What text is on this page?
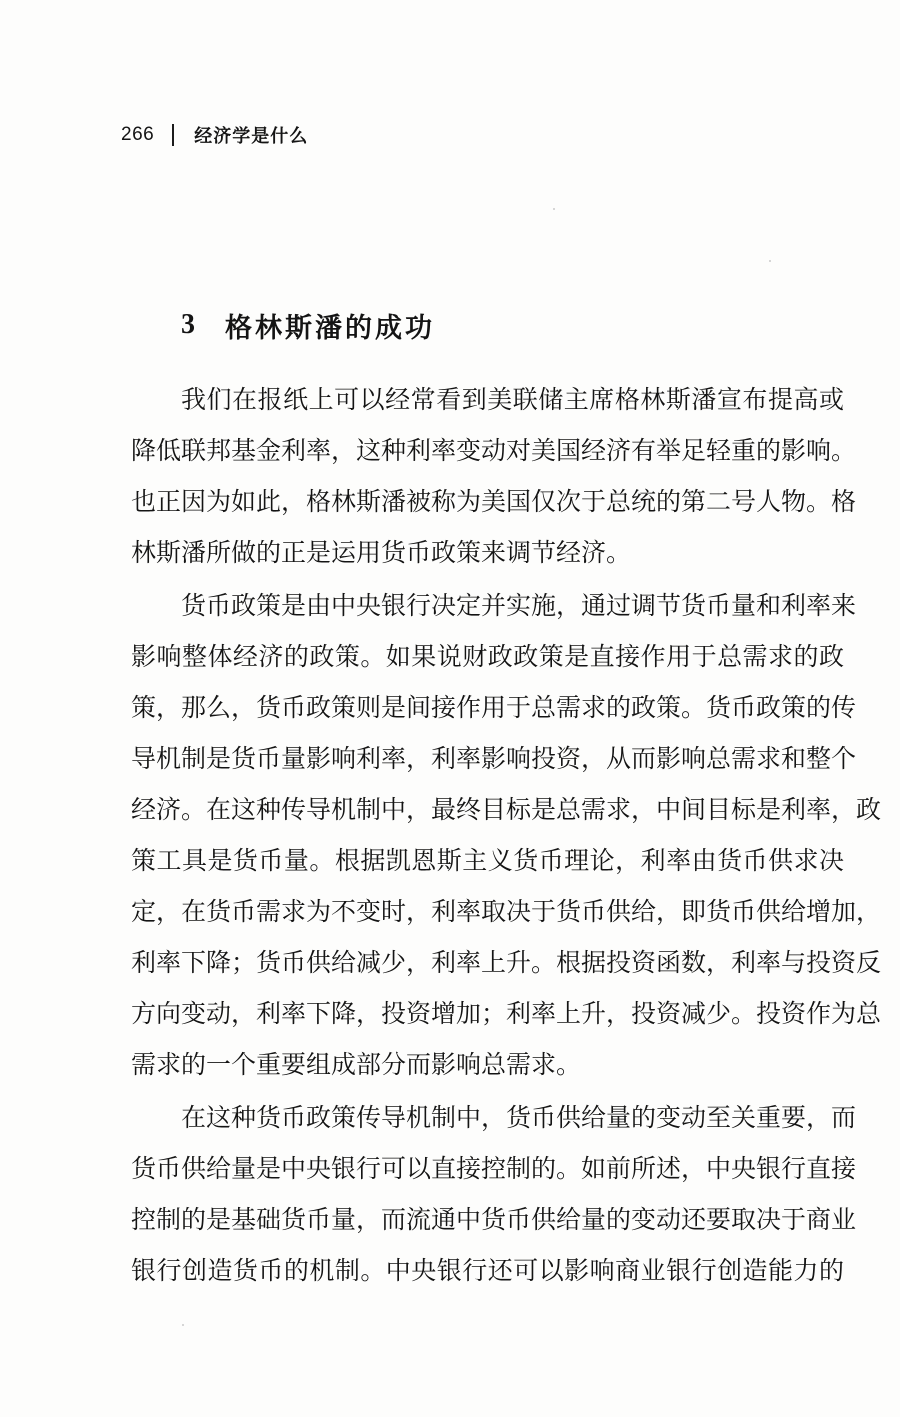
266 经济学是什么
3 格林斯潘的成功
我们在报纸上可以经常看到美联储主席格林斯潘宣布提高或
降低联邦基金利率，这种利率变动对美国经济有举足轻重的影响。
也正因为如此，格林斯潘被称为美国仅次于总统的第二号人物。格
林斯潘所做的正是运用货币政策来调节经济。
货币政策是由中央银行决定并实施，通过调节货币量和利率来
影响整体经济的政策。如果说财政政策是直接作用于总需求的政
策，那么，货币政策则是间接作用于总需求的政策。货币政策的传
导机制是货币量影响利率，利率影响投资，从而影响总需求和整个
经济。在这种传导机制中，最终目标是总需求，中间目标是利率，政
策工具是货币量。根据凯恩斯主义货币理论，利率由货币供求决
定，在货币需求为不变时，利率取决于货币供给，即货币供给增加，
利率下降；货币供给减少，利率上升。根据投资函数，利率与投资反
方向变动，利率下降，投资增加；利率上升，投资减少。投资作为总
需求的一个重要组成部分而影响总需求。
在这种货币政策传导机制中，货币供给量的变动至关重要，而
货币供给量是中央银行可以直接控制的。如前所述，中央银行直接
控制的是基础货币量，而流通中货币供给量的变动还要取决于商业
银行创造货币的机制。中央银行还可以影响商业银行创造能力的
